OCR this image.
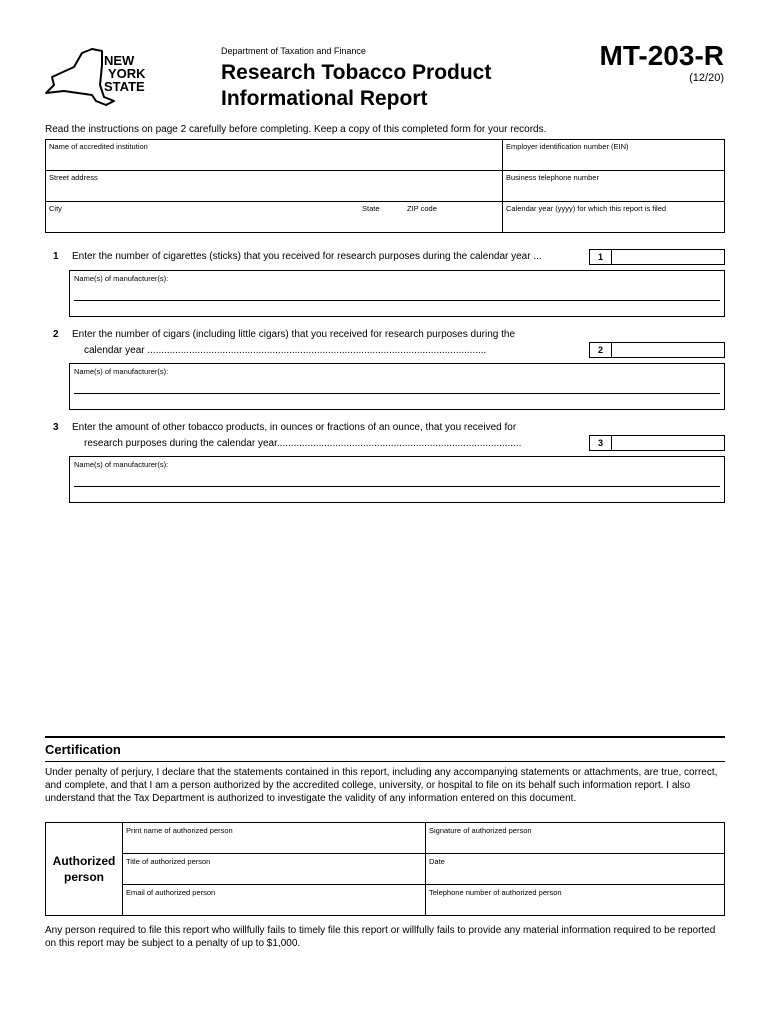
NEW
YORK
STATE
Department of Taxation and Finance
Research Tobacco Product
Informational Report
MT-203-R
(12/20)
Read the instructions on page 2 carefully before completing. Keep a copy of this completed form for your records.
Name of accredited institution	Employer identification number (EIN)
Street address	Business telephone number
City	State	ZIP code	Calendar year (yyyy) for which this report is filed
1 Enter the number of cigarettes (sticks) that you received for research purposes during the calendar year ...	1
Name(s) of manufacturer(s):
2 Enter the number of cigars (including little cigars) that you received for research purposes during the
calendar year ..........................................................................................................................	2
Name(s) of manufacturer(s):
3 Enter the amount of other tobacco products, in ounces or fractions of an ounce, that you received for
research purposes during the calendar year........................................................................................	3
Name(s) of manufacturer(s):
Certification
Under penalty of perjury, I declare that the statements contained in this report, including any accompanying statements or attachments, are true, correct, and complete, and that I am a person authorized by the accredited college, university, or hospital to file on its behalf such information report. I also understand that the Tax Department is authorized to investigate the validity of any information entered on this document.
Authorized
person
Print name of authorized person	Signature of authorized person
Title of authorized person	Date
Email of authorized person	Telephone number of authorized person
Any person required to file this report who willfully fails to timely file this report or willfully fails to provide any material information required to be reported on this report may be subject to a penalty of up to $1,000.
